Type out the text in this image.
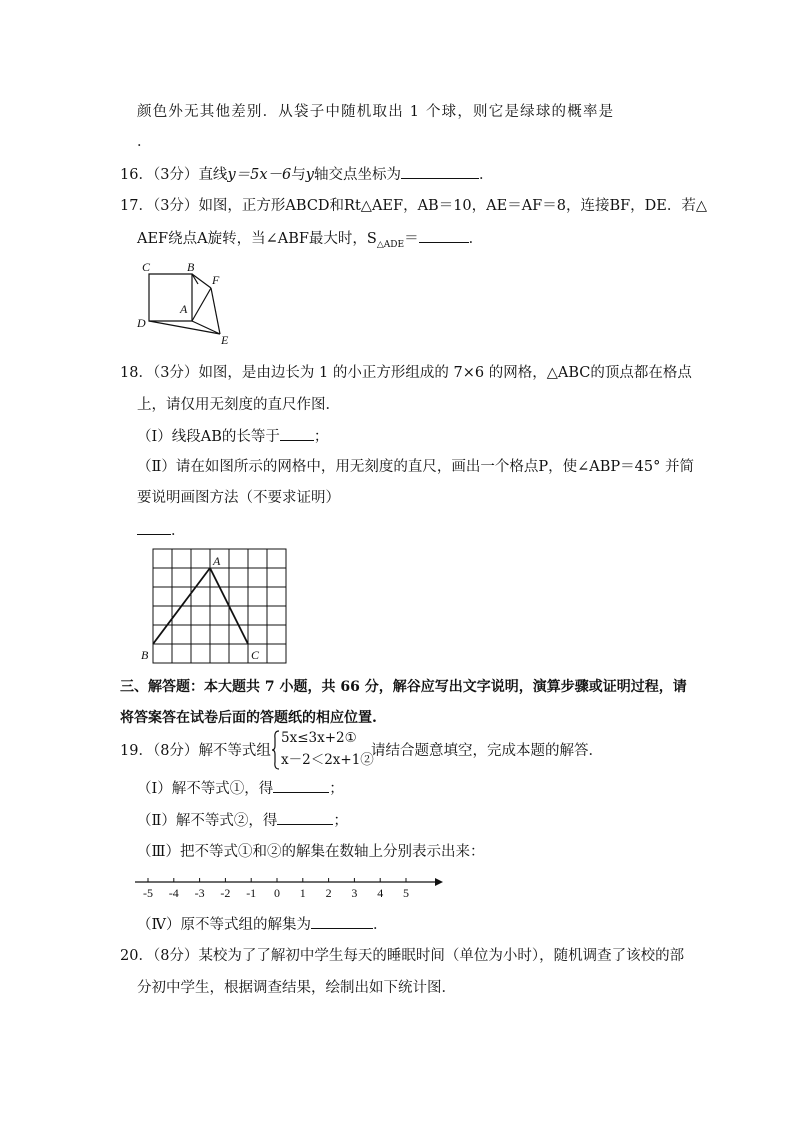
颜色外无其他差别．从袋子中随机取出 1 个球，则它是绿球的概率是
．
16．（3分）直线y＝5x－6与y轴交点坐标为	．
17．（3分）如图，正方形ABCD和Rt△AEF，AB＝10，AE＝AF＝8，连接BF，DE．若△
AEF绕点A旋转，当∠ABF最大时，$S_{\triangle ADE}=$	．
C	B
F
A
D
E
18．（3分）如图，是由边长为 1 的小正方形组成的 7×6 的网格，△ABC的顶点都在格点
上，请仅用无刻度的直尺作图．
（Ⅰ）线段AB的长等于 ；
（Ⅱ）请在如图所示的网格中，用无刻度的直尺，画出一个格点P，使∠ABP＝45° 并简
要说明画图方法（不要求证明）
．
A
B	C
三、解答题：本大题共 7 小题，共 66 分，解谷应写出文字说明，演算步骤或证明过程，请
将答案答在试卷后面的答题纸的相应位置.
19．（8分）解不等式组
5x≤3x+2①
x－2＜2x+1②
请结合题意填空，完成本题的解答．
（Ⅰ）解不等式①，得	；
（Ⅱ）解不等式②，得	；
（Ⅲ）把不等式①和②的解集在数轴上分别表示出来：
-5 -4 -3 -2 -1 0 1 2 3 4 5
（Ⅳ）原不等式组的解集为	．
20．（8分）某校为了了解初中学生每天的睡眠时间（单位为小时），随机调查了该校的部
分初中学生，根据调查结果，绘制出如下统计图．
